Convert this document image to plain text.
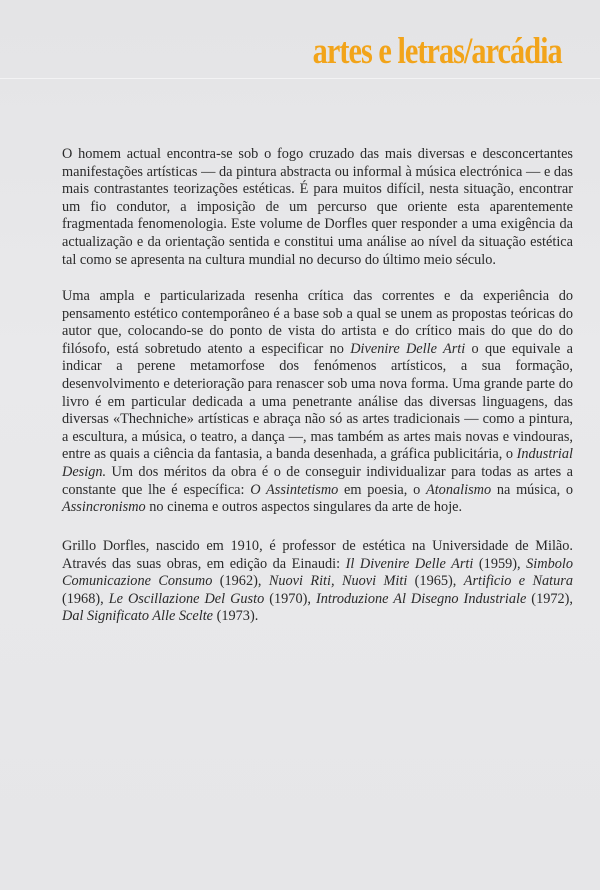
artes e letras/arcádia

O homem actual encontra-se sob o fogo cruzado das mais diversas e desconcertantes manifestações artísticas — da pintura abstracta ou informal à música electrónica — e das mais contrastantes teorizações estéticas. É para muitos difícil, nesta situação, encontrar um fio condutor, a imposição de um percurso que oriente esta aparentemente fragmentada fenomenologia. Este volume de Dorfles quer responder a uma exigência da actualização e da orientação sentida e constitui uma análise ao nível da situação estética tal como se apresenta na cultura mundial no decurso do último meio século.

Uma ampla e particularizada resenha crítica das correntes e da experiência do pensamento estético contemporâneo é a base sob a qual se unem as propostas teóricas do autor que, colocando-se do ponto de vista do artista e do crítico mais do que do do filósofo, está sobretudo atento a especificar no Divenire Delle Arti o que equivale a indicar a perene metamorfose dos fenómenos artísticos, a sua formação, desenvolvimento e deterioração para renascer sob uma nova forma. Uma grande parte do livro é em particular dedicada a uma penetrante análise das diversas linguagens, das diversas «Thechniche» artísticas e abraça não só as artes tradicionais — como a pintura, a escultura, a música, o teatro, a dança —, mas também as artes mais novas e vindouras, entre as quais a ciência da fantasia, a banda desenhada, a gráfica publicitária, o Industrial Design. Um dos méritos da obra é o de conseguir individualizar para todas as artes a constante que lhe é específica: O Assintetismo em poesia, o Atonalismo na música, o Assincronismo no cinema e outros aspectos singulares da arte de hoje.

Grillo Dorfles, nascido em 1910, é professor de estética na Universidade de Milão. Através das suas obras, em edição da Einaudi: Il Divenire Delle Arti (1959), Simbolo Comunicazione Consumo (1962), Nuovi Riti, Nuovi Miti (1965), Artificio e Natura (1968), Le Oscillazione Del Gusto (1970), Introduzione Al Disegno Industriale (1972), Dal Significato Alle Scelte (1973).
